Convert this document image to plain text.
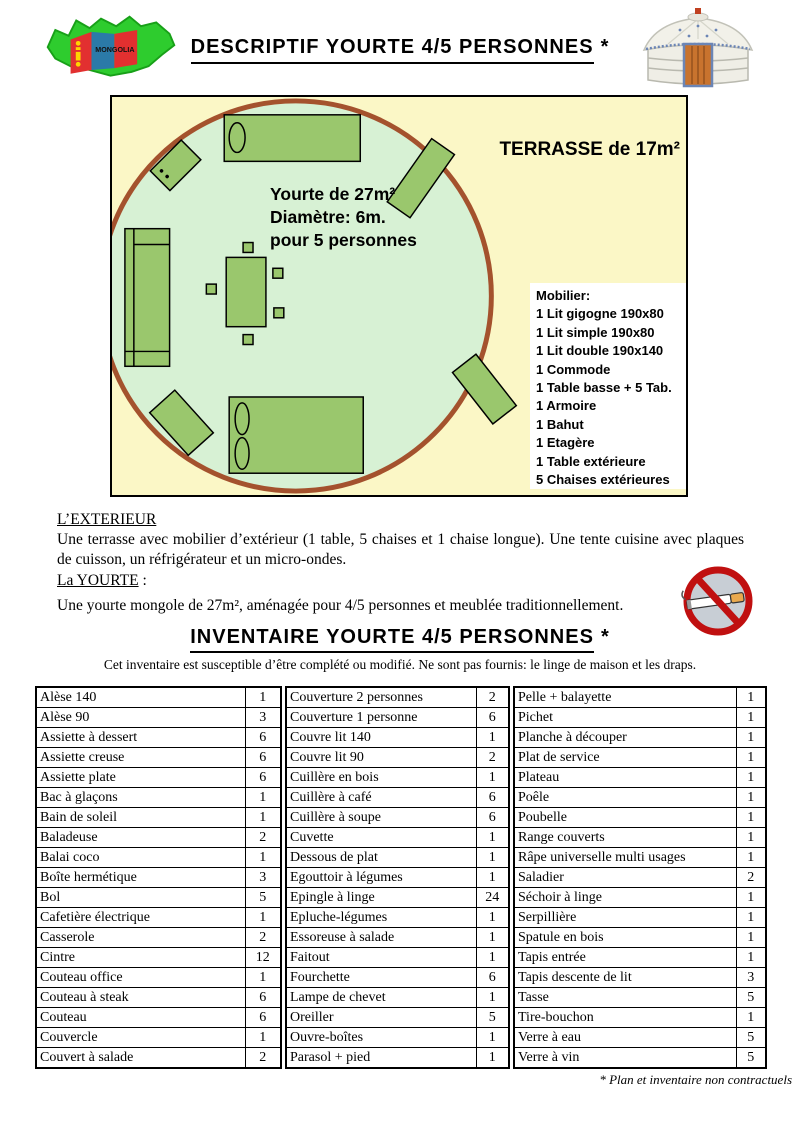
MONGOLIA	DESCRIPTIF YOURTE 4/5 PERSONNES *
TERRASSE de 17m²
Yourte de 27m²
Diamètre: 6m.
pour 5 personnes
Mobilier:
1 Lit gigogne 190x80
1 Lit simple 190x80
1 Lit double 190x140
1 Commode
1 Table basse + 5 Tab.
1 Armoire
1 Bahut
1 Etagère
1 Table extérieure
5 Chaises extérieures
L’EXTERIEUR
Une terrasse avec mobilier d’extérieur (1 table, 5 chaises et 1 chaise longue). Une tente cuisine avec plaques de cuisson, un réfrigérateur et un micro-ondes.
La YOURTE :
Une yourte mongole de 27m², aménagée pour 4/5 personnes et meublée traditionnellement.
INVENTAIRE YOURTE 4/5 PERSONNES *
Cet inventaire est susceptible d’être complété ou modifié. Ne sont pas fournis: le linge de maison et les draps.
Alèse 140	1
Alèse 90	3
Assiette à dessert	6
Assiette creuse	6
Assiette plate	6
Bac à glaçons	1
Bain de soleil	1
Baladeuse	2
Balai coco	1
Boîte hermétique	3
Bol	5
Cafetière électrique	1
Casserole	2
Cintre	12
Couteau office	1
Couteau à steak	6
Couteau	6
Couvercle	1
Couvert à salade	2
Couverture 2 personnes	2
Couverture 1 personne	6
Couvre lit 140	1
Couvre lit 90	2
Cuillère en bois	1
Cuillère à café	6
Cuillère à soupe	6
Cuvette	1
Dessous de plat	1
Egouttoir à légumes	1
Epingle à linge	24
Epluche-légumes	1
Essoreuse à salade	1
Faitout	1
Fourchette	6
Lampe de chevet	1
Oreiller	5
Ouvre-boîtes	1
Parasol + pied	1
Pelle + balayette	1
Pichet	1
Planche à découper	1
Plat de service	1
Plateau	1
Poêle	1
Poubelle	1
Range couverts	1
Râpe universelle multi usages	1
Saladier	2
Séchoir à linge	1
Serpillière	1
Spatule en bois	1
Tapis entrée	1
Tapis descente de lit	3
Tasse	5
Tire-bouchon	1
Verre à eau	5
Verre à vin	5
* Plan et inventaire non contractuels
